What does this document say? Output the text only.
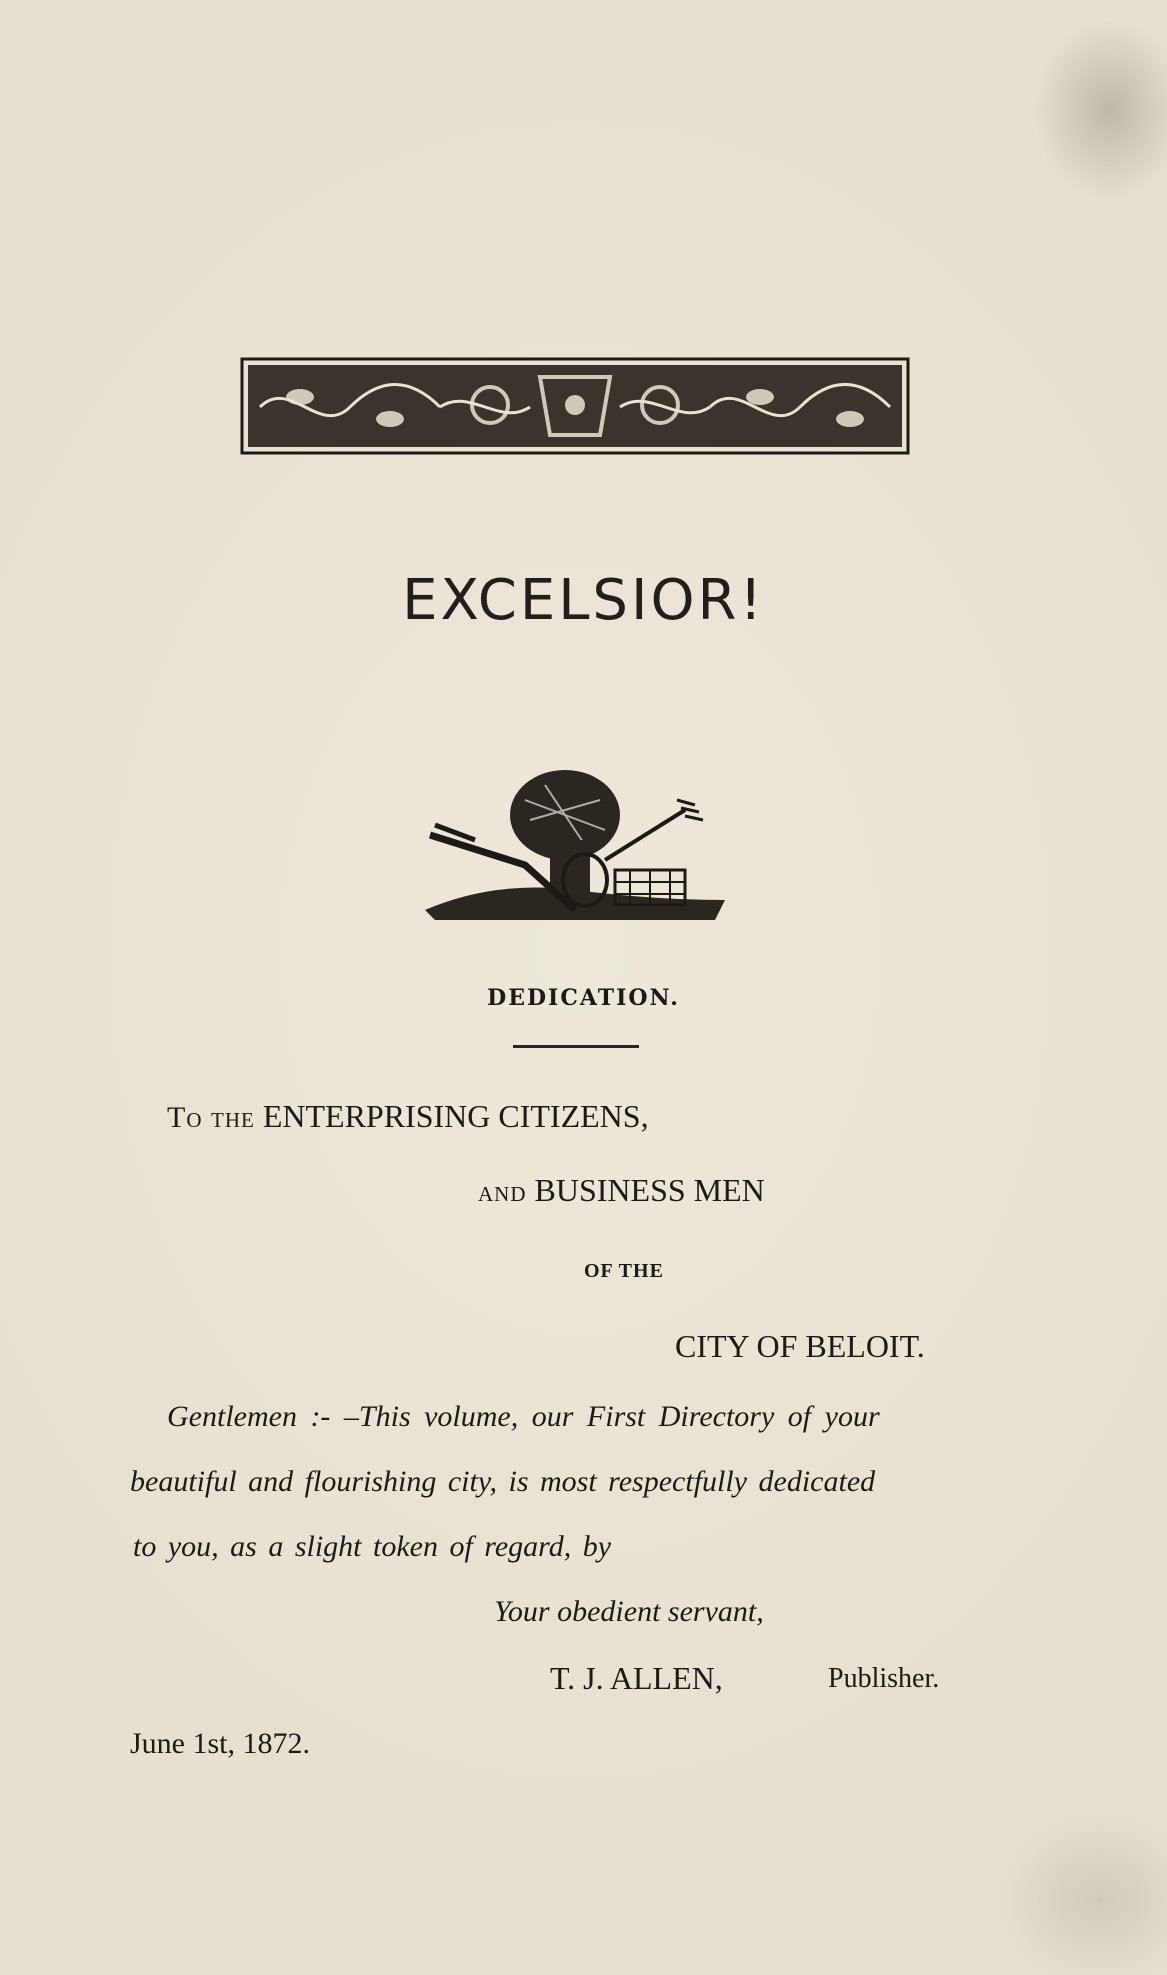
EXCELSIOR!
DEDICATION.
To the ENTERPRISING CITIZENS,
and BUSINESS MEN
OF THE
CITY OF BELOIT.
Gentlemen :- –This volume, our First Directory of your
beautiful and flourishing city, is most respectfully dedicated
to you, as a slight token of regard, by
Your obedient servant,
T. J. ALLEN,	Publisher.
June 1st, 1872.
